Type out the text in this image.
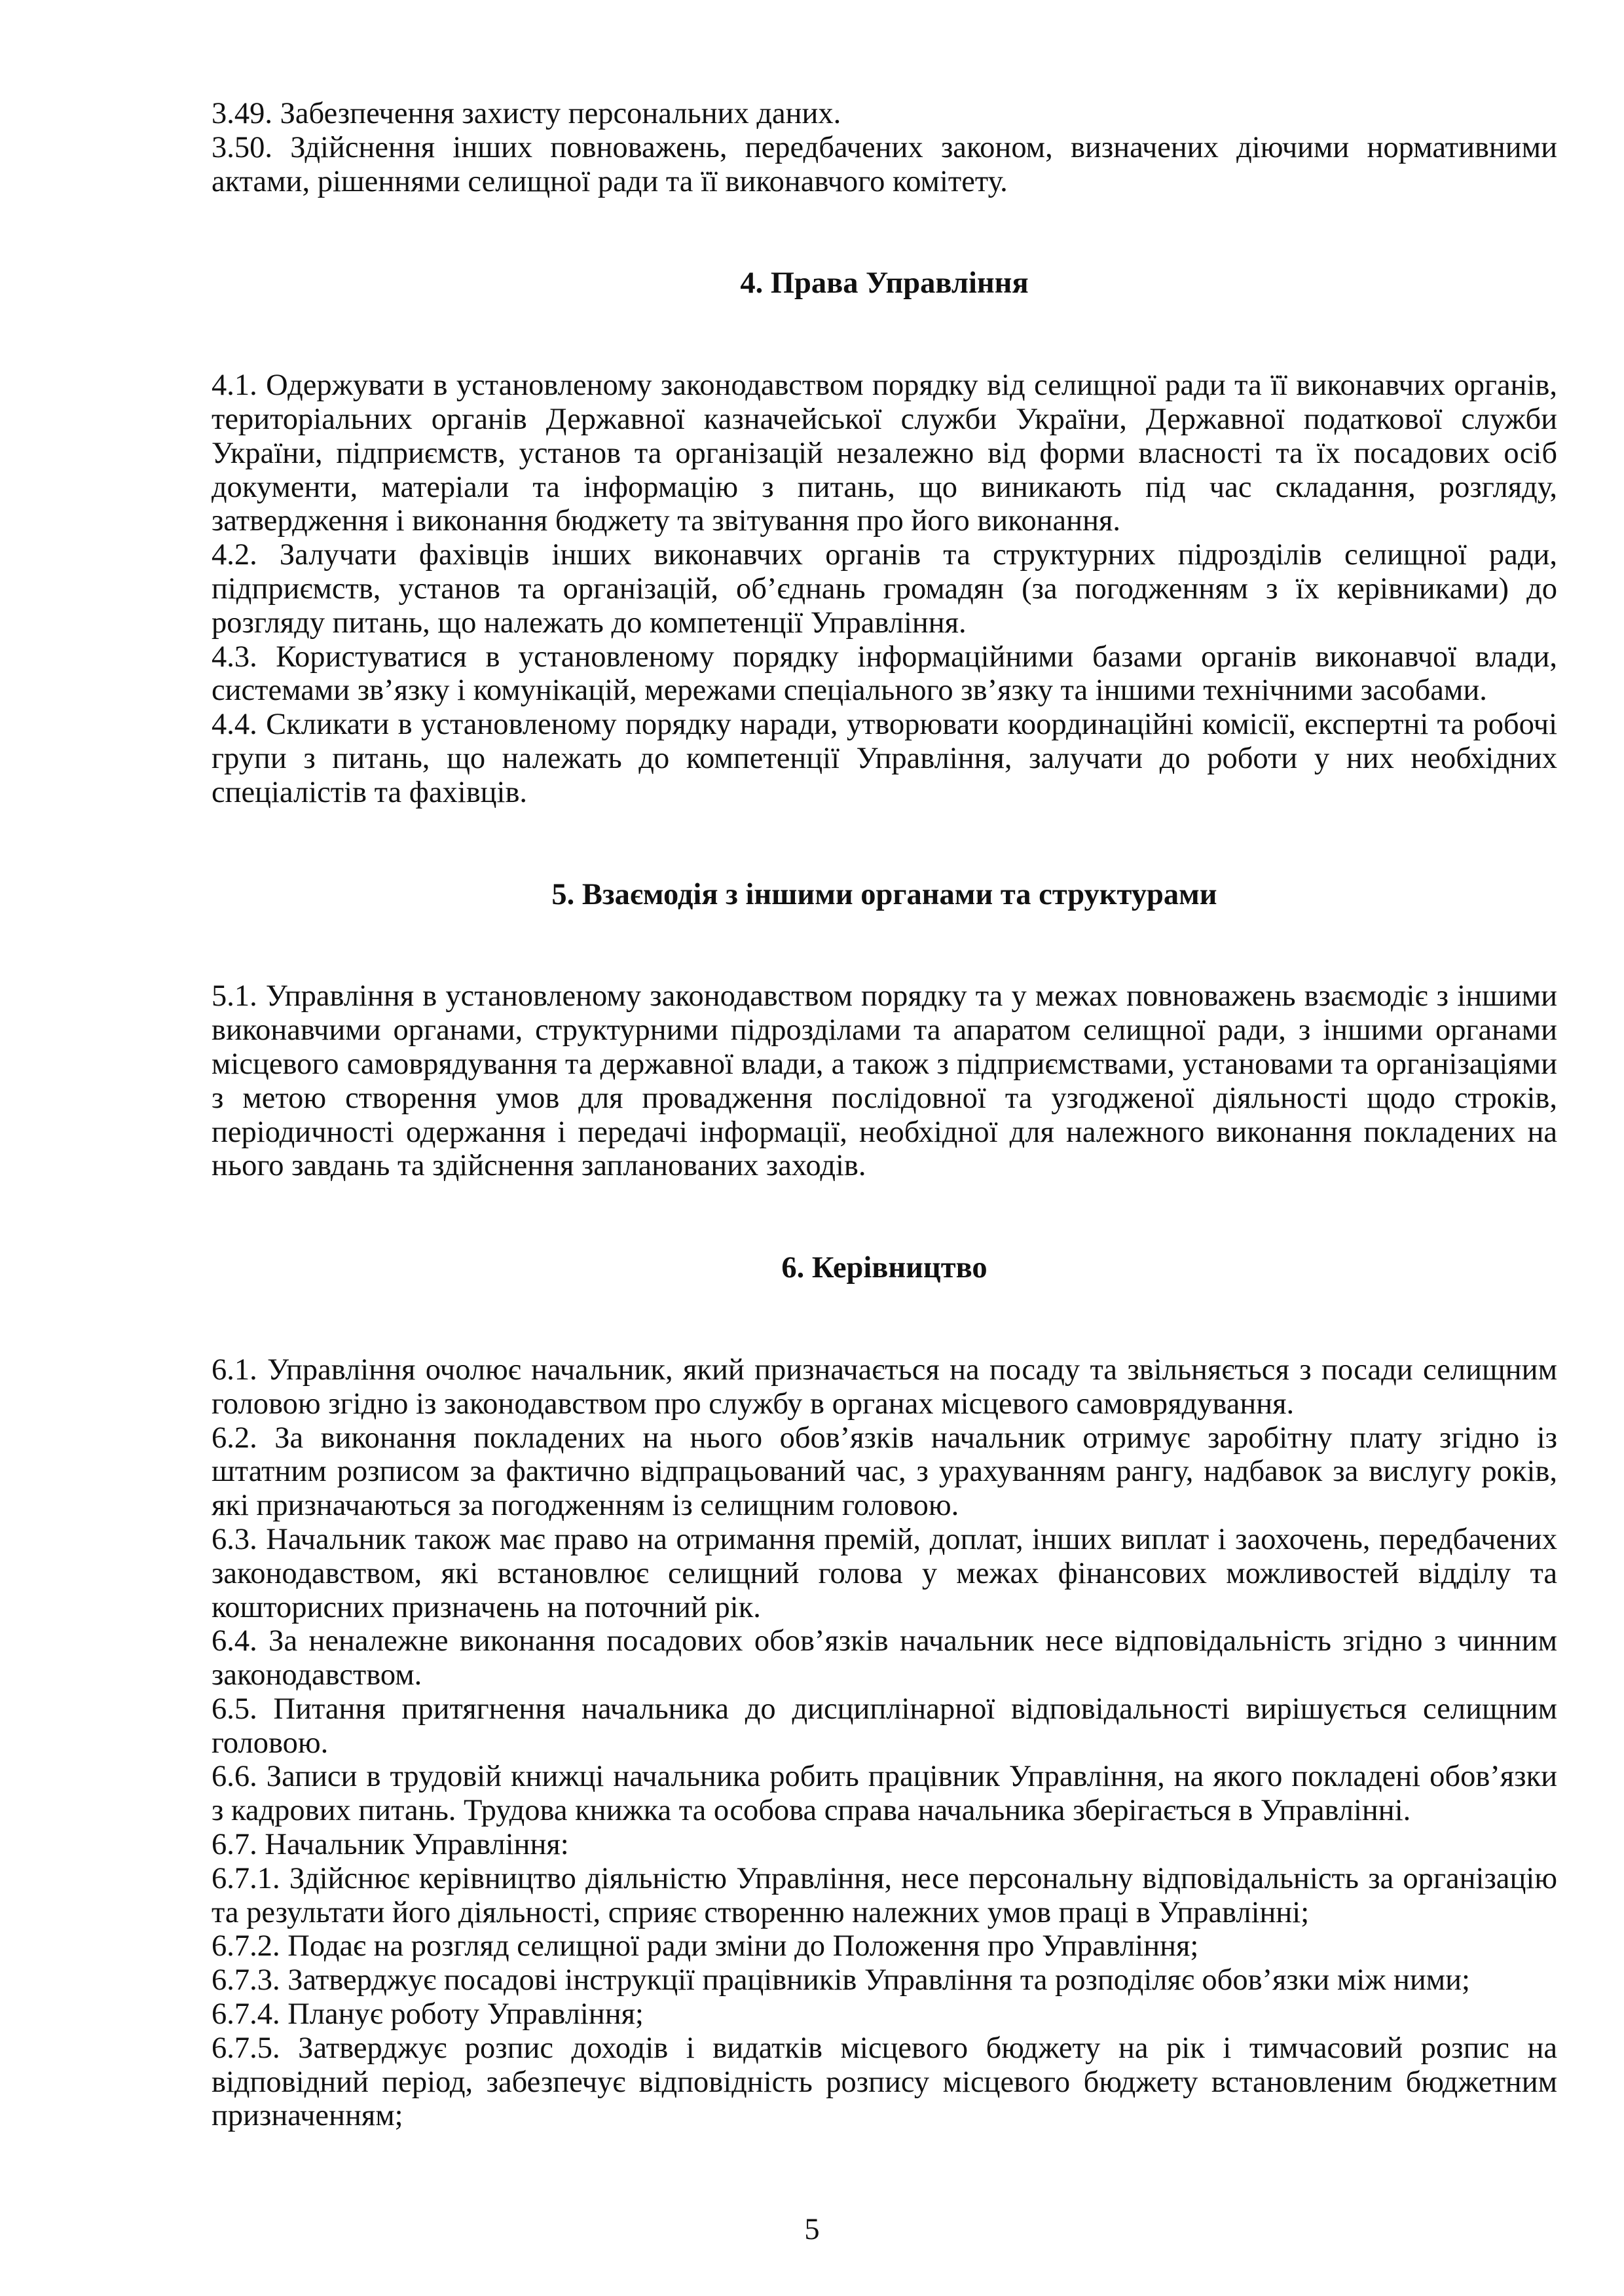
3.49. Забезпечення захисту персональних даних.

3.50. Здійснення інших повноважень, передбачених законом, визначених діючими нормативними актами, рішеннями селищної ради та її виконавчого комітету.

4. Права Управління

4.1. Одержувати в установленому законодавством порядку від селищної ради та її виконавчих органів, територіальних органів Державної казначейської служби України, Державної податкової служби України, підприємств, установ та організацій незалежно від форми власності та їх посадових осіб документи, матеріали та інформацію з питань, що виникають під час складання, розгляду, затвердження і виконання бюджету та звітування про його виконання.

4.2. Залучати фахівців інших виконавчих органів та структурних підрозділів селищної ради, підприємств, установ та організацій, об’єднань громадян (за погодженням з їх керівниками) до розгляду питань, що належать до компетенції Управління.

4.3. Користуватися в установленому порядку інформаційними базами органів виконавчої влади, системами зв’язку і комунікацій, мережами спеціального зв’язку та іншими технічними засобами.

4.4. Скликати в установленому порядку наради, утворювати координаційні комісії, експертні та робочі групи з питань, що належать до компетенції Управління, залучати до роботи у них необхідних спеціалістів та фахівців.

5. Взаємодія з іншими органами та структурами

5.1. Управління в установленому законодавством порядку та у межах повноважень взаємодіє з іншими виконавчими органами, структурними підрозділами та апаратом селищної ради, з іншими органами місцевого самоврядування та державної влади, а також з підприємствами, установами та організаціями з метою створення умов для провадження послідовної та узгодженої діяльності щодо строків, періодичності одержання і передачі інформації, необхідної для належного виконання покладених на нього завдань та здійснення запланованих заходів.

6. Керівництво

6.1. Управління очолює начальник, який призначається на посаду та звільняється з посади селищним головою згідно із законодавством про службу в органах місцевого самоврядування.

6.2. За виконання покладених на нього обов’язків начальник отримує заробітну плату згідно із штатним розписом за фактично відпрацьований час, з урахуванням рангу, надбавок за вислугу років, які призначаються за погодженням із селищним головою.

6.3. Начальник також має право на отримання премій, доплат, інших виплат і заохочень, передбачених законодавством, які встановлює селищний голова у межах фінансових можливостей відділу та кошторисних призначень на поточний рік.

6.4. За неналежне виконання посадових обов’язків начальник несе відповідальність згідно з чинним законодавством.

6.5. Питання притягнення начальника до дисциплінарної відповідальності вирішується селищним головою.

6.6. Записи в трудовій книжці начальника робить працівник Управління, на якого покладені обов’язки з кадрових питань. Трудова книжка та особова справа начальника зберігається в Управлінні.

6.7. Начальник Управління:

6.7.1. Здійснює керівництво діяльністю Управління, несе персональну відповідальність за організацію та результати його діяльності, сприяє створенню належних умов праці в Управлінні;

6.7.2. Подає на розгляд селищної ради зміни до Положення про Управління;

6.7.3. Затверджує посадові інструкції працівників Управління та розподіляє обов’язки між ними;

6.7.4. Планує роботу Управління;

6.7.5. Затверджує розпис доходів і видатків місцевого бюджету на рік і тимчасовий розпис на відповідний період, забезпечує відповідність розпису місцевого бюджету встановленим бюджетним призначенням;

5
